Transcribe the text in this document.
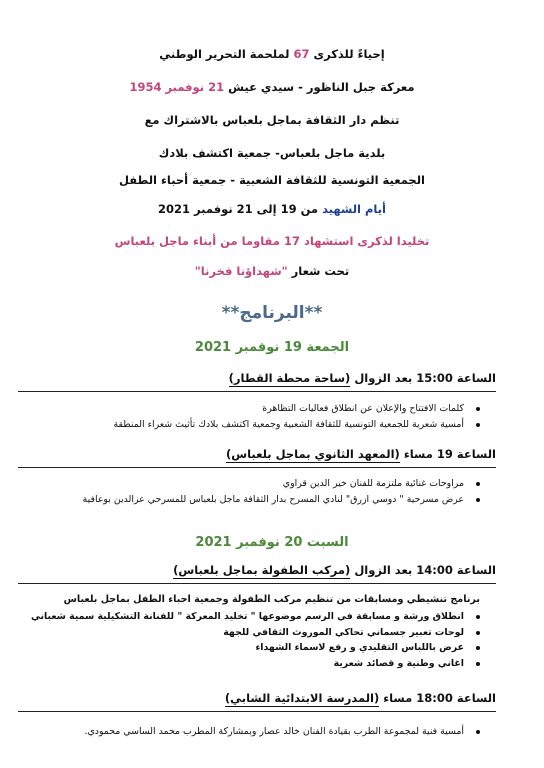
إحياءً للذكرى 67 لملحمة التحرير الوطني
معركة جبل الناظور - سيدي عيش 21 نوفمبر 1954
تنظم دار الثقافة بماجل بلعباس بالاشتراك مع
بلدية ماجل بلعباس- جمعية اكتشف بلادك
الجمعية التونسية للثقافة الشعبية - جمعية أحباء الطفل
أيام الشهيد من 19 إلى 21 نوفمبر 2021
تخليدا لذكرى استشهاد 17 مقاوما من أبناء ماجل بلعباس
تحت شعار "شهداؤنا فخرنا"
**البرنامج**
الجمعة 19 نوفمبر 2021
الساعة 15:00 بعد الزوال (ساحة محطة القطار)
كلمات الافتتاح والإعلان عن انطلاق فعاليات التظاهرة
أمسية شعرية للجمعية التونسية للثقافة الشعبية وجمعية اكتشف بلادك تأثيث شعراء المنطقة
الساعة 19 مساء (المعهد الثانوي بماجل بلعباس)
مراوحات غنائية ملتزمة للفنان خير الدين قراوي
عرض مسرحية " دوسي ازرق" لنادي المسرح بدار الثقافة ماجل بلعباس للمسرحي عزالدين بوعافية
السبت 20 نوفمبر 2021
الساعة 14:00 بعد الزوال (مركب الطفولة بماجل بلعباس)
برنامج تنشيطي ومسابقات من تنظيم مركب الطفولة وجمعية احباء الطفل بماجل بلعباس
انطلاق ورشة و مسابقة في الرسم موضوعها " تخليد المعركة " للفنانة التشكيلية سمية شعباني
لوحات تعبير جسماني تحاكي الموروث الثقافي للجهة
عرض باللباس التقليدي و رفع لاسماء الشهداء
اغاني وطنية و قصائد شعرية
الساعة 18:00 مساء (المدرسة الابتدائية الشابي)
أمسية فنية لمجموعة الطرب بقيادة الفنان خالد عصار وبمشاركة المطرب محمد الساسي محمودي.
